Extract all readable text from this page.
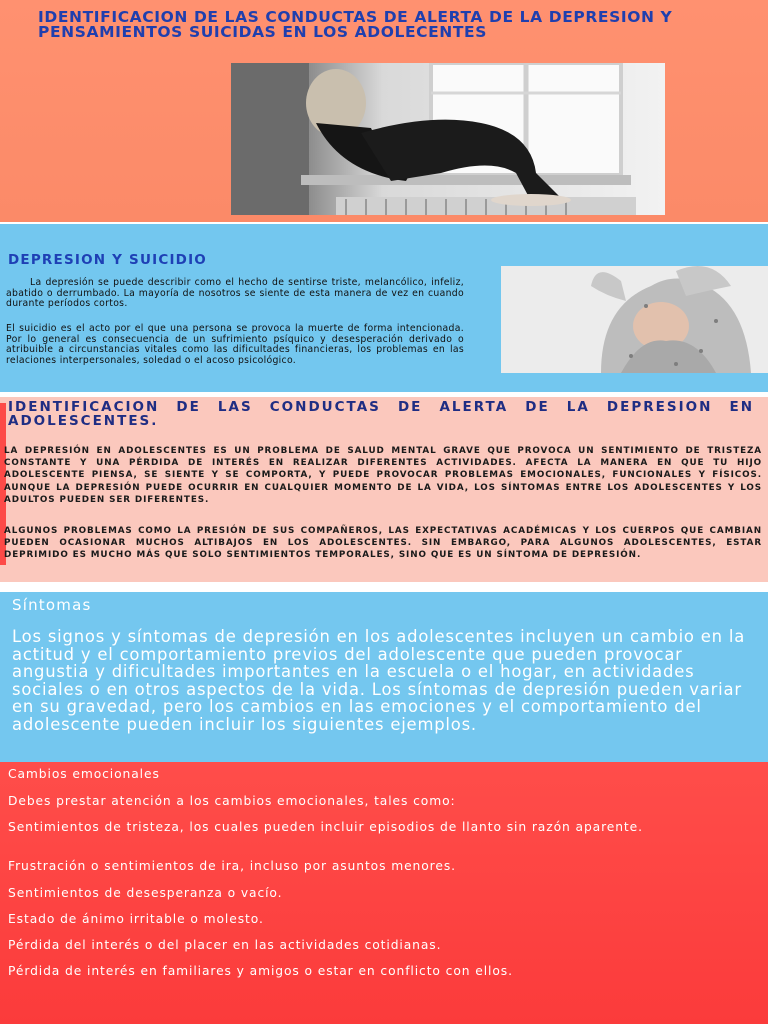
IDENTIFICACION DE LAS CONDUCTAS DE ALERTA DE LA DEPRESION Y PENSAMIENTOS SUICIDAS EN LOS ADOLECENTES
DEPRESION Y SUICIDIO
La depresión se puede describir como el hecho de sentirse triste, melancólico, infeliz, abatido o derrumbado. La mayoría de nosotros se siente de esta manera de vez en cuando durante períodos cortos.
El suicidio es el acto por el que una persona se provoca la muerte de forma intencionada. Por lo general es consecuencia de un sufrimiento psíquico y desesperación derivado o atribuible a circunstancias vitales como las dificultades financieras, los problemas en las relaciones interpersonales, soledad o el acoso psicológico.
IDENTIFICACION DE LAS CONDUCTAS DE ALERTA DE LA DEPRESION EN ADOLESCENTES.
LA DEPRESIÓN EN ADOLESCENTES ES UN PROBLEMA DE SALUD MENTAL GRAVE QUE PROVOCA UN SENTIMIENTO DE TRISTEZA CONSTANTE Y UNA PÉRDIDA DE INTERÉS EN REALIZAR DIFERENTES ACTIVIDADES. AFECTA LA MANERA EN QUE TU HIJO ADOLESCENTE PIENSA, SE SIENTE Y SE COMPORTA, Y PUEDE PROVOCAR PROBLEMAS EMOCIONALES, FUNCIONALES Y FÍSICOS. AUNQUE LA DEPRESIÓN PUEDE OCURRIR EN CUALQUIER MOMENTO DE LA VIDA, LOS SÍNTOMAS ENTRE LOS ADOLESCENTES Y LOS ADULTOS PUEDEN SER DIFERENTES.
ALGUNOS PROBLEMAS COMO LA PRESIÓN DE SUS COMPAÑEROS, LAS EXPECTATIVAS ACADÉMICAS Y LOS CUERPOS QUE CAMBIAN PUEDEN OCASIONAR MUCHOS ALTIBAJOS EN LOS ADOLESCENTES. SIN EMBARGO, PARA ALGUNOS ADOLESCENTES, ESTAR DEPRIMIDO ES MUCHO MÁS QUE SOLO SENTIMIENTOS TEMPORALES, SINO QUE ES UN SÍNTOMA DE DEPRESIÓN.
Síntomas
Los signos y síntomas de depresión en los adolescentes incluyen un cambio en la actitud y el comportamiento previos del adolescente que pueden provocar angustia y dificultades importantes en la escuela o el hogar, en actividades sociales o en otros aspectos de la vida. Los síntomas de depresión pueden variar en su gravedad, pero los cambios en las emociones y el comportamiento del adolescente pueden incluir los siguientes ejemplos.
Cambios emocionales
Debes prestar atención a los cambios emocionales, tales como:
Sentimientos de tristeza, los cuales pueden incluir episodios de llanto sin razón aparente.
Frustración o sentimientos de ira, incluso por asuntos menores.
Sentimientos de desesperanza o vacío.
Estado de ánimo irritable o molesto.
Pérdida del interés o del placer en las actividades cotidianas.
Pérdida de interés en familiares y amigos o estar en conflicto con ellos.
